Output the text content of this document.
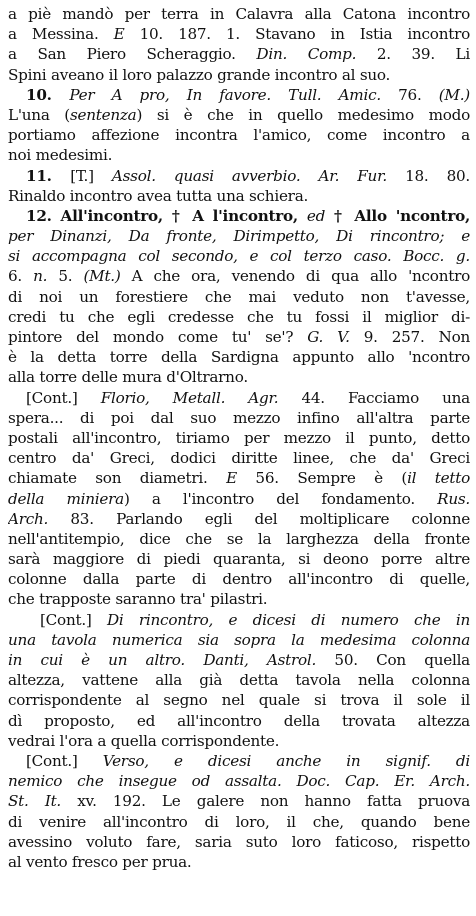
a piè mandò per terra in Calavra alla Catona incontro
a Messina. E 10. 187. 1. Stavano in Istia incontro
a San Piero Scheraggio. Din. Comp. 2. 39. Li
Spini aveano il loro palazzo grande incontro al suo.
10. Per A pro, In favore. Tull. Amic. 76. (M.)
L'una (sentenza) si è che in quello medesimo modo
portiamo affezione incontra l'amico, come incontro a
noi medesimi.
11. [T.] Assol. quasi avverbio. Ar. Fur. 18. 80.
Rinaldo incontro avea tutta una schiera.
12. All'incontro, † A l'incontro, ed † Allo 'ncontro,
per Dinanzi, Da fronte, Dirimpetto, Di rincontro; e
si accompagna col secondo, e col terzo caso. Bocc. g.
6. n. 5. (Mt.) A che ora, venendo di qua allo 'ncontro
di noi un forestiere che mai veduto non t'avesse,
credi tu che egli credesse che tu fossi il miglior di-
pintore del mondo come tu' se'? G. V. 9. 257. Non
è la detta torre della Sardigna appunto allo 'ncontro
alla torre delle mura d'Oltrarno.
[Cont.] Florio, Metall. Agr. 44. Facciamo una
spera... di poi dal suo mezzo infino all'altra parte
postali all'incontro, tiriamo per mezzo il punto, detto
centro da' Greci, dodici diritte linee, che da' Greci
chiamate son diametri. E 56. Sempre è (il tetto
della miniera) a l'incontro del fondamento. Rus.
Arch. 83. Parlando egli del moltiplicare colonne
nell'antitempio, dice che se la larghezza della fronte
sarà maggiore di piedi quaranta, si deono porre altre
colonne dalla parte di dentro all'incontro di quelle,
che trapposte saranno tra' pilastri.
[Cont.] Di rincontro, e dicesi di numero che in
una tavola numerica sia sopra la medesima colonna
in cui è un altro. Danti, Astrol. 50. Con quella
altezza, vattene alla già detta tavola nella colonna
corrispondente al segno nel quale si trova il sole il
dì proposto, ed all'incontro della trovata altezza
vedrai l'ora a quella corrispondente.
[Cont.] Verso, e dicesi anche in signif. di
nemico che insegue od assalta. Doc. Cap. Er. Arch.
St. It. xv. 192. Le galere non hanno fatta pruova
di venire all'incontro di loro, il che, quando bene
avessino voluto fare, saria suto loro faticoso, rispetto
al vento fresco per prua.
